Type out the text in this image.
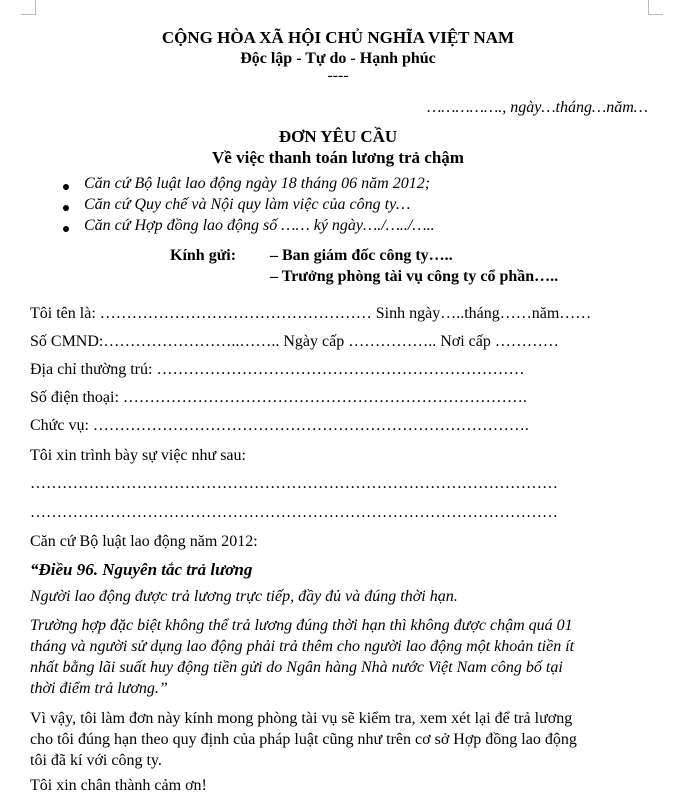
CỘNG HÒA XÃ HỘI CHỦ NGHĨA VIỆT NAM
Độc lập - Tự do - Hạnh phúc
----
……………., ngày…tháng…năm…
ĐƠN YÊU CẦU
Về việc thanh toán lương trả chậm
Căn cứ Bộ luật lao động ngày 18 tháng 06 năm 2012;
Căn cứ Quy chế và Nội quy làm việc của công ty…
Căn cứ Hợp đồng lao động số …… ký ngày…./…../…..
Kính gửi: – Ban giám đốc công ty…..
– Trưởng phòng tài vụ công ty cổ phần…..
Tôi tên là: …………………………………………… Sinh ngày…..tháng……năm……
Số CMND:……………………..…….. Ngày cấp …………….. Nơi cấp …………
Địa chỉ thường trú: ……………………………………………………………
Số điện thoại: ………………………………………………………………….
Chức vụ: ……………………………………………………………………….
Tôi xin trình bày sự việc như sau:
………………………………………………………………………………………
………………………………………………………………………………………
Căn cứ Bộ luật lao động năm 2012:
“Điều 96. Nguyên tắc trả lương
Người lao động được trả lương trực tiếp, đầy đủ và đúng thời hạn.
Trường hợp đặc biệt không thể trả lương đúng thời hạn thì không được chậm quá 01
tháng và người sử dụng lao động phải trả thêm cho người lao động một khoản tiền ít
nhất bằng lãi suất huy động tiền gửi do Ngân hàng Nhà nước Việt Nam công bố tại
thời điểm trả lương.”
Vì vậy, tôi làm đơn này kính mong phòng tài vụ sẽ kiểm tra, xem xét lại để trả lương
cho tôi đúng hạn theo quy định của pháp luật cũng như trên cơ sở Hợp đồng lao động
tôi đã kí với công ty.
Tôi xin chân thành cảm ơn!
